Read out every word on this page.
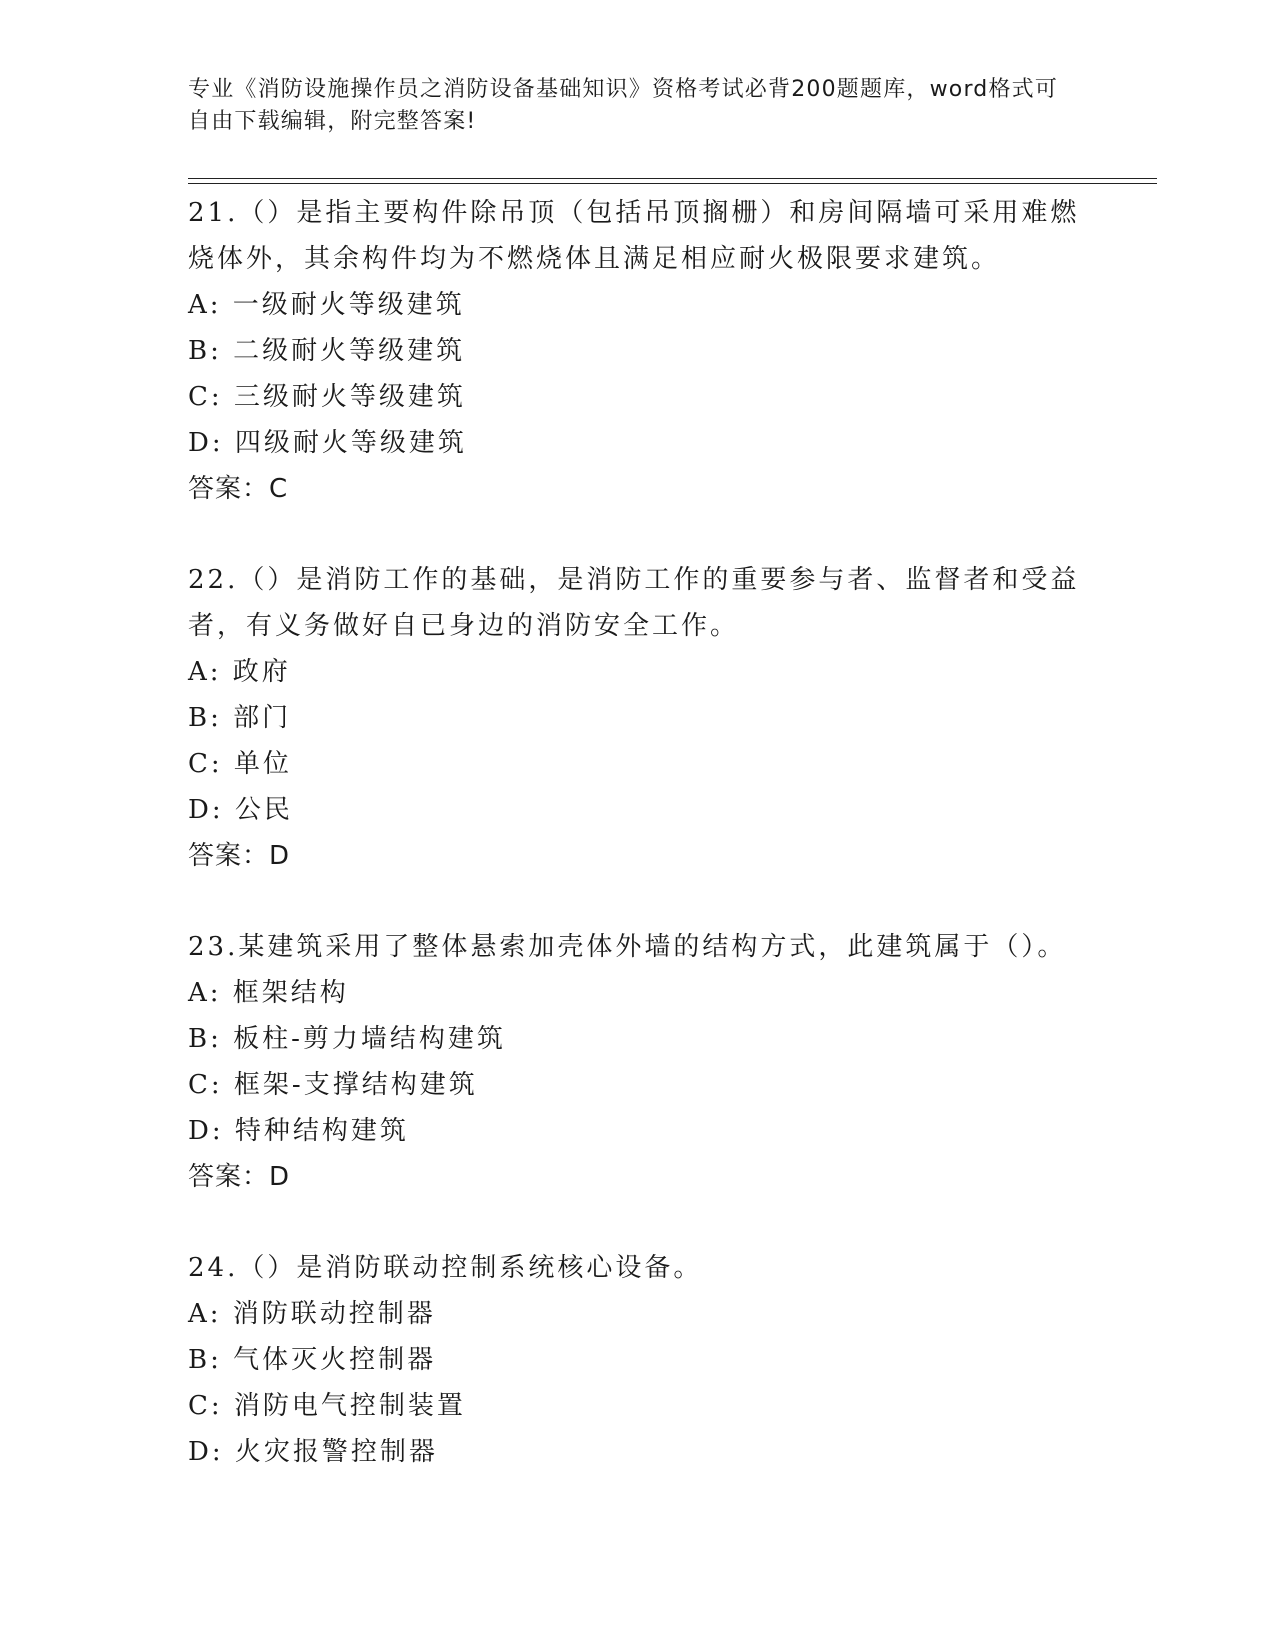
专业《消防设施操作员之消防设备基础知识》资格考试必背200题题库，word格式可自由下载编辑，附完整答案!

21.（）是指主要构件除吊顶（包括吊顶搁栅）和房间隔墙可采用难燃烧体外，其余构件均为不燃烧体且满足相应耐火极限要求建筑。

A: 一级耐火等级建筑

B: 二级耐火等级建筑

C: 三级耐火等级建筑

D: 四级耐火等级建筑

答案：C

22.（）是消防工作的基础，是消防工作的重要参与者、监督者和受益者，有义务做好自已身边的消防安全工作。

A: 政府

B: 部门

C: 单位

D: 公民

答案：D

23.某建筑采用了整体悬索加壳体外墙的结构方式，此建筑属于（）。

A: 框架结构

B: 板柱-剪力墙结构建筑

C: 框架-支撑结构建筑

D: 特种结构建筑

答案：D

24.（）是消防联动控制系统核心设备。

A: 消防联动控制器

B: 气体灭火控制器

C: 消防电气控制装置

D: 火灾报警控制器
